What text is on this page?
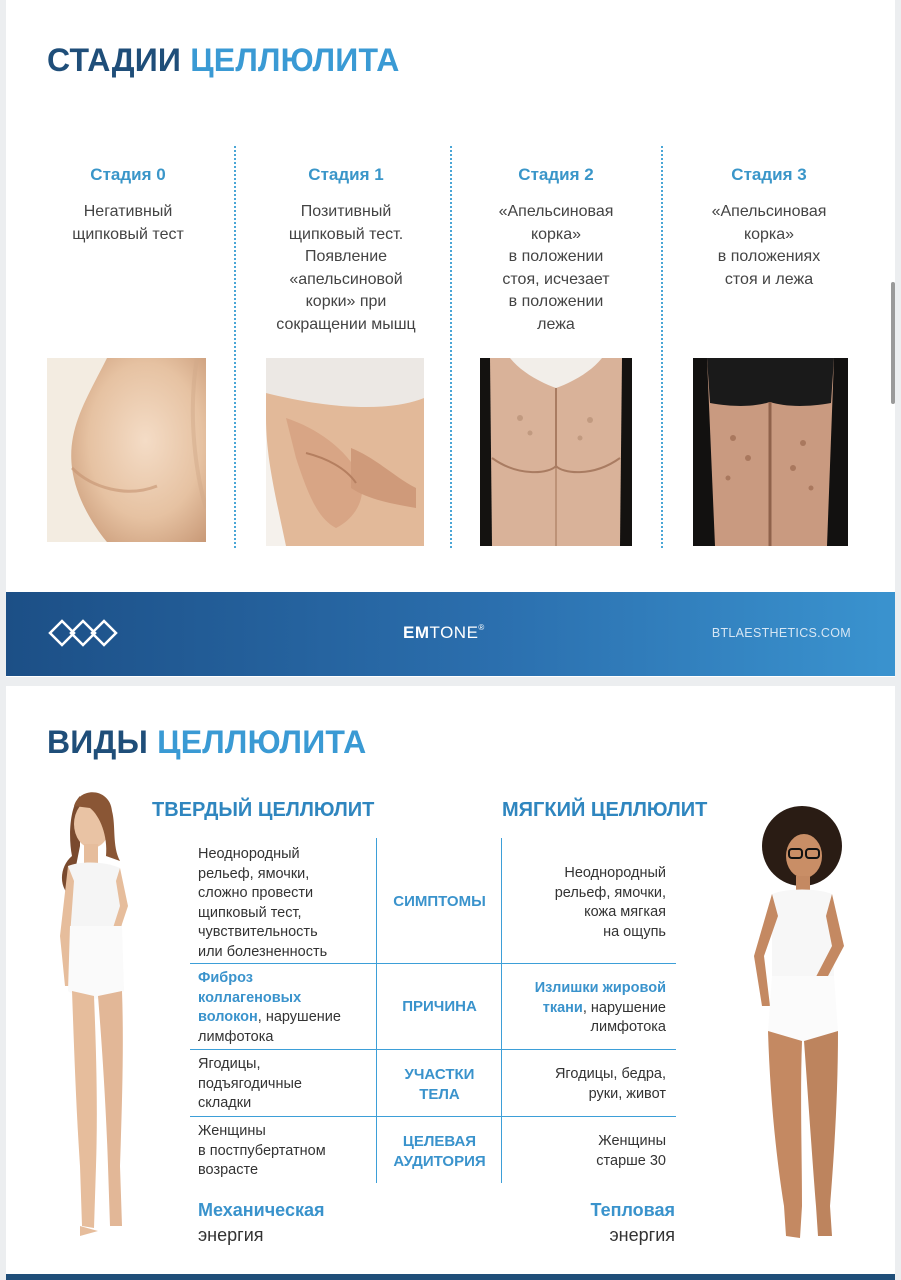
СТАДИИ ЦЕЛЛЮЛИТА
Стадия 0
Негативный
щипковый тест
Стадия 1
Позитивный
щипковый тест.
Появление
«апельсиновой
корки» при
сокращении мышц
Стадия 2
«Апельсиновая
корка»
в положении
стоя, исчезает
в положении
лежа
Стадия 3
«Апельсиновая
корка»
в положениях
стоя и лежа
EMTONE®	BTLAESTHETICS.COM
ВИДЫ ЦЕЛЛЮЛИТА
ТВЕРДЫЙ ЦЕЛЛЮЛИТ	МЯГКИЙ ЦЕЛЛЮЛИТ
Неоднородный
рельеф, ямочки,
сложно провести
щипковый тест,
чувствительность
или болезненность
СИМПТОМЫ
Неоднородный
рельеф, ямочки,
кожа мягкая
на ощупь
Фиброз
коллагеновых
волокон, нарушение
лимфотока
ПРИЧИНА
Излишки жировой
ткани, нарушение
лимфотока
Ягодицы,
подъягодичные
складки
УЧАСТКИ
ТЕЛА
Ягодицы, бедра,
руки, живот
Женщины
в постпубертатном
возрасте
ЦЕЛЕВАЯ
АУДИТОРИЯ
Женщины
старше 30
Механическая
энергия
Тепловая
энергия
